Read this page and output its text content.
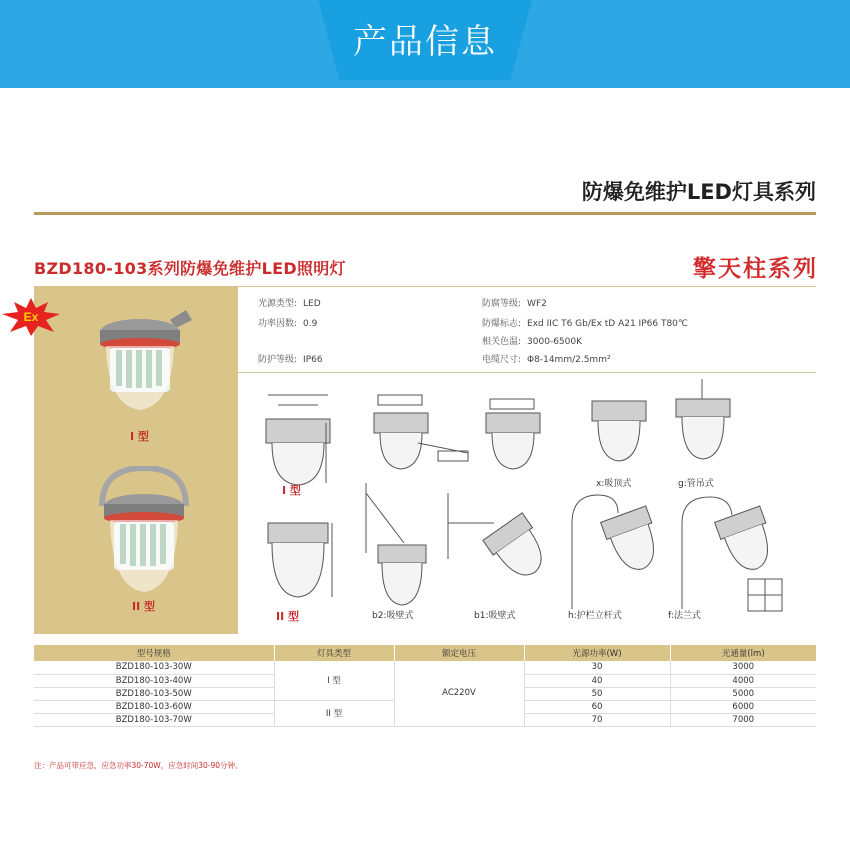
产品信息
防爆免维护LED灯具系列
BZD180-103系列防爆免维护LED照明灯	擎天柱系列
I 型
II 型
Ex
光源类型: LED
功率因数: 0.9
防护等级: IP66
防腐等级: WF2
防爆标志: Exd IIC T6 Gb/Ex tD A21 IP66 T80℃
相关色温: 3000-6500K
电缆尺寸: Φ8-14mm/2.5mm²
I 型	x:吸顶式	g:管吊式
II 型	b2:吸壁式	b1:吸壁式	h:护栏立杆式	f:法兰式
型号规格	灯具类型	额定电压	光源功率(W)	光通量(lm)
BZD180-103-30W	I 型	AC220V	30	3000
BZD180-103-40W			40	4000
BZD180-103-50W			50	5000
BZD180-103-60W	II 型		60	6000
BZD180-103-70W			70	7000
注：产品可带应急，应急功率30-70W，应急时间30-90分钟。
